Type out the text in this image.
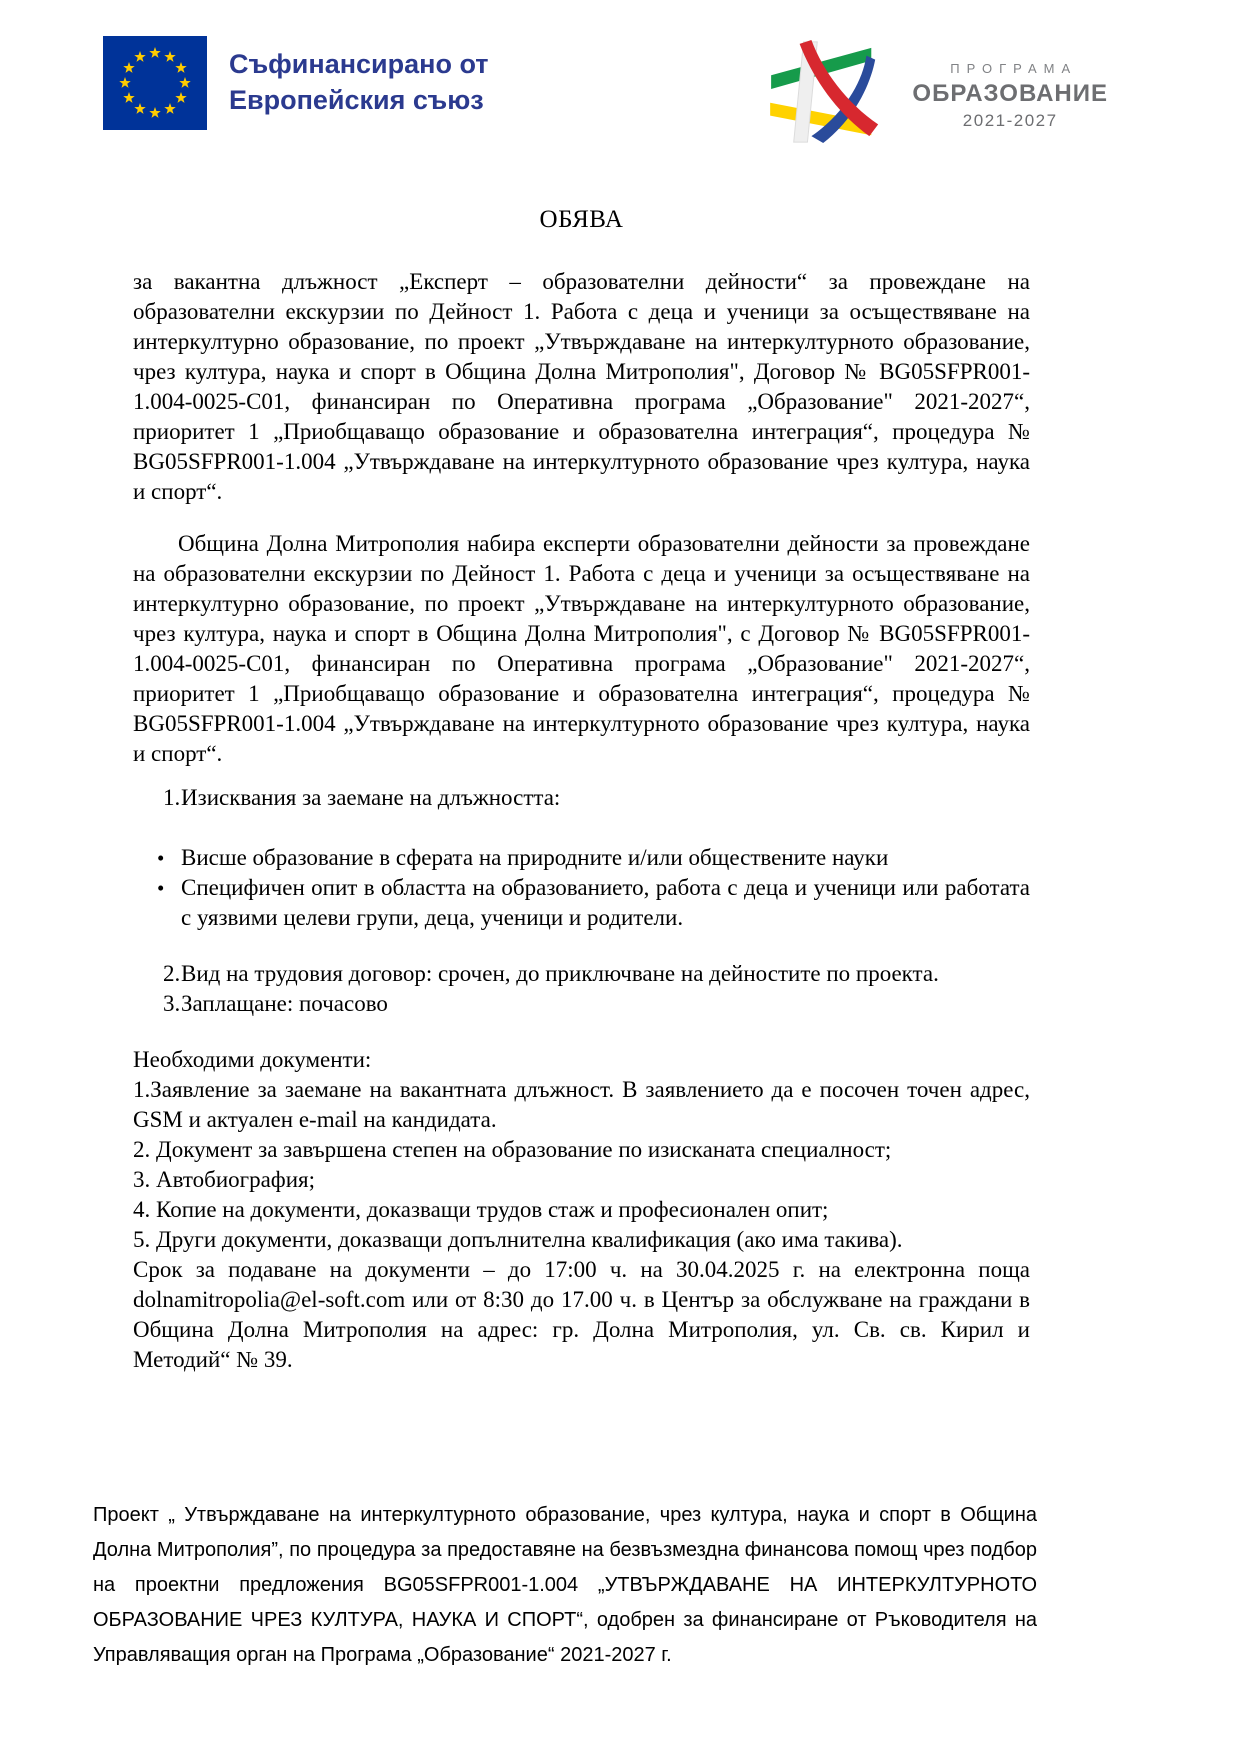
Съфинансирано от
Европейския съюз
ПРОГРАМА
ОБРАЗОВАНИЕ
2021-2027
ОБЯВА

за вакантна длъжност „Експерт – образователни дейности“ за провеждане на образователни екскурзии по Дейност 1. Работа с деца и ученици за осъществяване на интеркултурно образование, по проект „Утвърждаване на интеркултурното образование, чрез култура, наука и спорт в Община Долна Митрополия", Договор № BG05SFPR001-1.004-0025-C01, финансиран по Оперативна програма „Образование" 2021-2027“, приоритет 1 „Приобщаващо образование и образователна интеграция“, процедура № BG05SFPR001-1.004 „Утвърждаване на интеркултурното образование чрез култура, наука и спорт“.

Община Долна Митрополия набира експерти образователни дейности за провеждане на образователни екскурзии по Дейност 1. Работа с деца и ученици за осъществяване на интеркултурно образование, по проект „Утвърждаване на интеркултурното образование, чрез култура, наука и спорт в Община Долна Митрополия", с Договор № BG05SFPR001-1.004-0025-C01, финансиран по Оперативна програма „Образование" 2021-2027“, приоритет 1 „Приобщаващо образование и образователна интеграция“, процедура № BG05SFPR001-1.004 „Утвърждаване на интеркултурното образование чрез култура, наука и спорт“.

1. Изисквания за заемане на длъжността:
• Висше образование в сферата на природните и/или обществените науки
• Специфичен опит в областта на образованието, работа с деца и ученици или работата с уязвими целеви групи, деца, ученици и родители.
2. Вид на трудовия договор: срочен, до приключване на дейностите по проекта.
3. Заплащане: почасово

Необходими документи:

1.Заявление за заемане на вакантната длъжност. В заявлението да е посочен точен адрес, GSM и актуален e-mail на кандидата.

2. Документ за завършена степен на образование по изисканата специалност;

3. Автобиография;

4. Копие на документи, доказващи трудов стаж и професионален опит;

5. Други документи, доказващи допълнителна квалификация (ако има такива).

Срок за подаване на документи – до 17:00 ч. на 30.04.2025 г. на електронна поща dolnamitropolia@el-soft.com или от 8:30 до 17.00 ч. в Център за обслужване на граждани в Община Долна Митрополия на адрес: гр. Долна Митрополия, ул. Св. св. Кирил и Методий“ № 39.

Проект „ Утвърждаване на интеркултурното образование, чрез култура, наука и спорт в Община Долна Митрополия”, по процедура за предоставяне на безвъзмездна финансова помощ чрез подбор на проектни предложения BG05SFPR001-1.004 „УТВЪРЖДАВАНЕ НА ИНТЕРКУЛТУРНОТО ОБРАЗОВАНИЕ ЧРЕЗ КУЛТУРА, НАУКА И СПОРТ“, одобрен за финансиране от Ръководителя на Управляващия орган на Програма „Образование“ 2021-2027 г.
